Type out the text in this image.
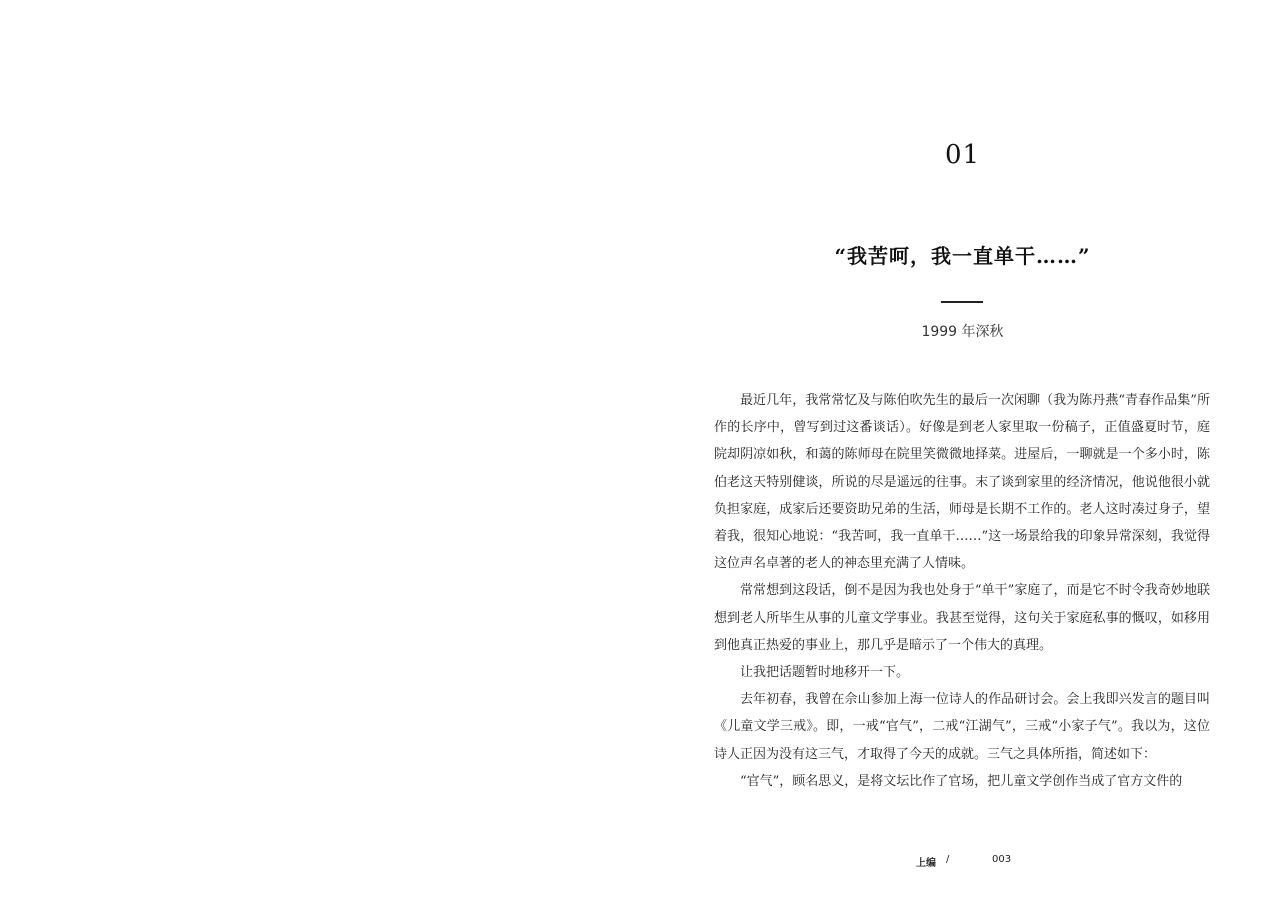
01
“我苦呵，我一直单干……”
1999 年深秋

最近几年，我常常忆及与陈伯吹先生的最后一次闲聊（我为陈丹燕“青春作品集”所作的长序中，曾写到过这番谈话）。好像是到老人家里取一份稿子，正值盛夏时节，庭院却阴凉如秋，和蔼的陈师母在院里笑微微地择菜。进屋后，一聊就是一个多小时，陈伯老这天特别健谈，所说的尽是遥远的往事。末了谈到家里的经济情况，他说他很小就负担家庭，成家后还要资助兄弟的生活，师母是长期不工作的。老人这时凑过身子，望着我，很知心地说：“我苦呵，我一直单干……”这一场景给我的印象异常深刻，我觉得这位声名卓著的老人的神态里充满了人情味。

常常想到这段话，倒不是因为我也处身于“单干”家庭了，而是它不时令我奇妙地联想到老人所毕生从事的儿童文学事业。我甚至觉得，这句关于家庭私事的慨叹，如移用到他真正热爱的事业上，那几乎是暗示了一个伟大的真理。

让我把话题暂时地移开一下。

去年初春，我曾在佘山参加上海一位诗人的作品研讨会。会上我即兴发言的题目叫《儿童文学三戒》。即，一戒“官气”，二戒“江湖气”，三戒“小家子气”。我以为，这位诗人正因为没有这三气，才取得了今天的成就。三气之具体所指，简述如下：

“官气”，顾名思义，是将文坛比作了官场，把儿童文学创作当成了官方文件的

上编 /	003
